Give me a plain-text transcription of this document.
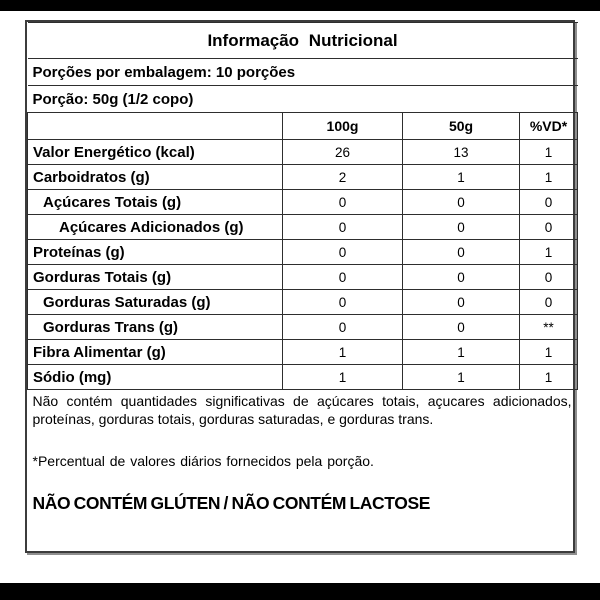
Informação Nutricional			
Porções por embalagem: 10 porções			
Porção: 50g (1/2 copo)			
	100g	50g	%VD*
Valor Energético (kcal)	26	13	1
Carboidratos (g)	2	1	1
Açúcares Totais (g)	0	0	0
Açúcares Adicionados (g)	0	0	0
Proteínas (g)	0	0	1
Gorduras Totais (g)	0	0	0
Gorduras Saturadas (g)	0	0	0
Gorduras Trans (g)	0	0	**
Fibra Alimentar (g)	1	1	1
Sódio (mg)	1	1	1

Não contém quantidades significativas de açúcares totais, açucares adicionados, proteínas, gorduras totais, gorduras saturadas, e gorduras trans.

*Percentual de valores diários fornecidos pela porção.

NÃO CONTÉM GLÚTEN / NÃO CONTÉM LACTOSE			
